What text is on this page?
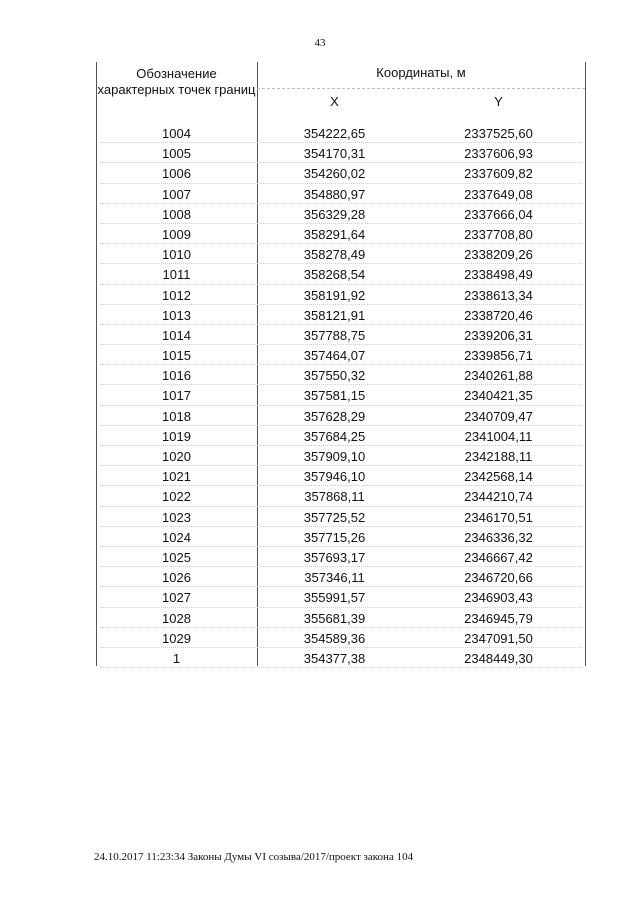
43
Обозначение характерных точек границ
Координаты, м
X	Y
1004	354222,65	2337525,60
1005	354170,31	2337606,93
1006	354260,02	2337609,82
1007	354880,97	2337649,08
1008	356329,28	2337666,04
1009	358291,64	2337708,80
1010	358278,49	2338209,26
1011	358268,54	2338498,49
1012	358191,92	2338613,34
1013	358121,91	2338720,46
1014	357788,75	2339206,31
1015	357464,07	2339856,71
1016	357550,32	2340261,88
1017	357581,15	2340421,35
1018	357628,29	2340709,47
1019	357684,25	2341004,11
1020	357909,10	2342188,11
1021	357946,10	2342568,14
1022	357868,11	2344210,74
1023	357725,52	2346170,51
1024	357715,26	2346336,32
1025	357693,17	2346667,42
1026	357346,11	2346720,66
1027	355991,57	2346903,43
1028	355681,39	2346945,79
1029	354589,36	2347091,50
1	354377,38	2348449,30
24.10.2017 11:23:34 Законы Думы VI созыва/2017/проект закона 104
